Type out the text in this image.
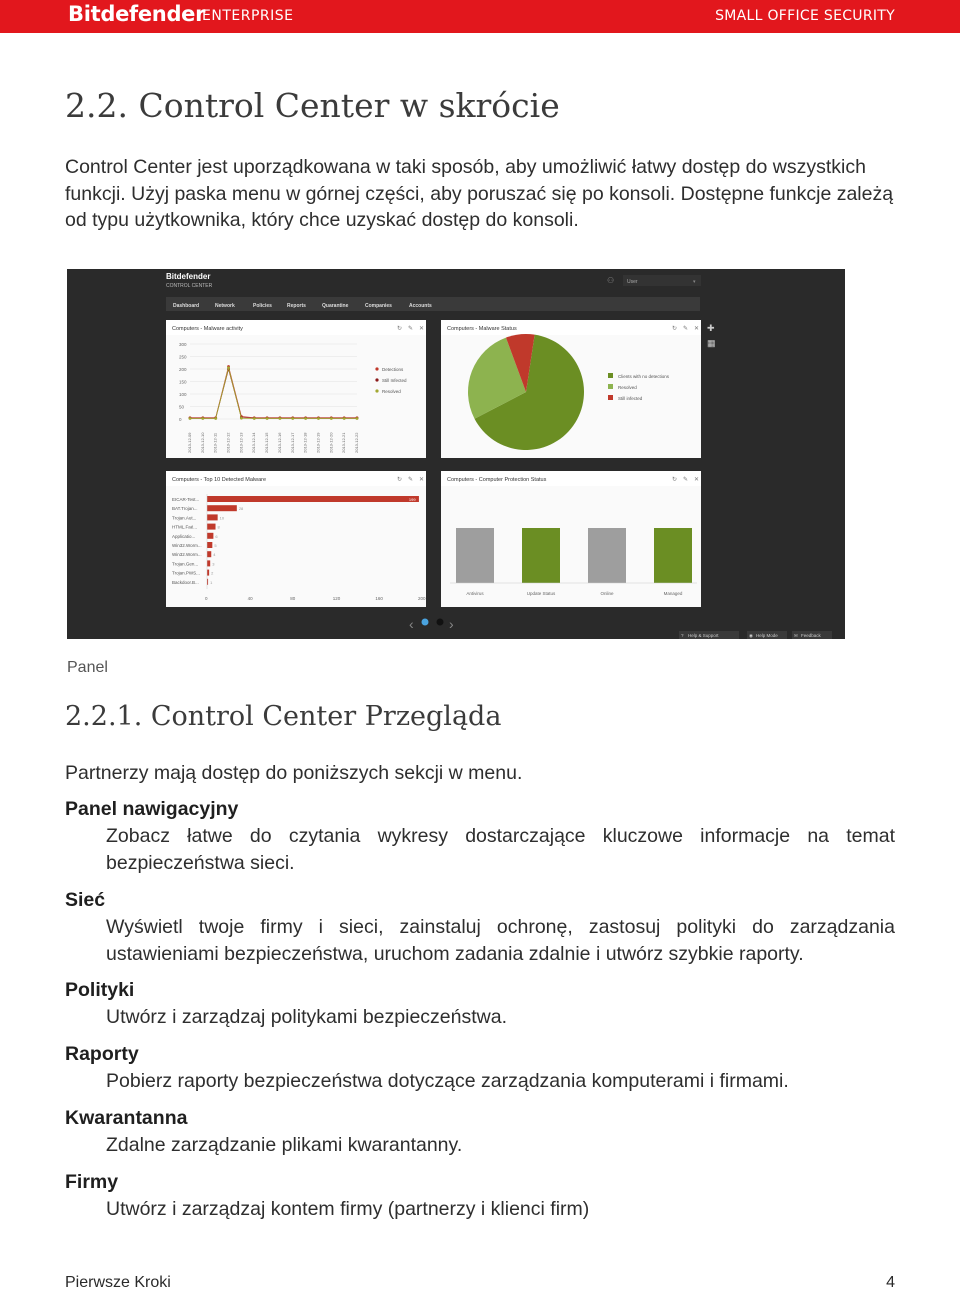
Bitdefender
ENTERPRISE	SMALL OFFICE SECURITY
2.2. Control Center w skrócie

Control Center jest uporządkowana w taki sposób, aby umożliwić łatwy dostęp do wszystkich funkcji. Użyj paska menu w górnej części, aby poruszać się po konsoli. Dostępne funkcje zależą od typu użytkownika, który chce uzyskać dostęp do konsoli.

Bitdefender
CONTROL CENTER
⚇	User	▾
Dashboard	Network	Policies	Reports	Quarantine	Companies	Accounts
Computers - Malware activity	↻ ✎ ✕
300
250
200
150
100
50
0
2013-12-09 2013-12-10 2013-12-11 2013-12-12 2013-12-13 2013-12-14 2013-12-15 2013-12-16 2013-12-17 2013-12-18 2013-12-19 2013-12-20 2013-12-21 2013-12-22
Detections
Still Infected
Resolved
Computers - Malware Status	↻ ✎ ✕
Clients with no detections
Resolved
Still infected
✚
▦
Computers - Top 10 Detected Malware	↻ ✎ ✕
EICAR-Test...	199
BAT.Trojan...	28
Trojan.Aut...	10
HTML.Faé...	8
Applicatio...	6
Win32.Worm...	5
Win32.Worm...	4
Trojan.Gen...	3
Trojan.PWS...	2
Backdoor.B...	1
0	40	80	120	160	200
Computers - Computer Protection Status	↻ ✎ ✕
Antivirus	Update Status	Online	Managed
‹	›
? Help & Support	◉ Help Mode	✉ Feedback
Panel
2.2.1. Control Center Przegląda

Partnerzy mają dostęp do poniższych sekcji w menu.

Panel nawigacyjny

Zobacz łatwe do czytania wykresy dostarczające kluczowe informacje na temat bezpieczeństwa sieci.

Sieć

Wyświetl twoje firmy i sieci, zainstaluj ochronę, zastosuj polityki do zarządzania ustawieniami bezpieczeństwa, uruchom zadania zdalnie i utwórz szybkie raporty.

Polityki

Utwórz i zarządzaj politykami bezpieczeństwa.

Raporty

Pobierz raporty bezpieczeństwa dotyczące zarządzania komputerami i firmami.

Kwarantanna

Zdalne zarządzanie plikami kwarantanny.

Firmy

Utwórz i zarządzaj kontem firmy (partnerzy i klienci firm)

Pierwsze Kroki	4
